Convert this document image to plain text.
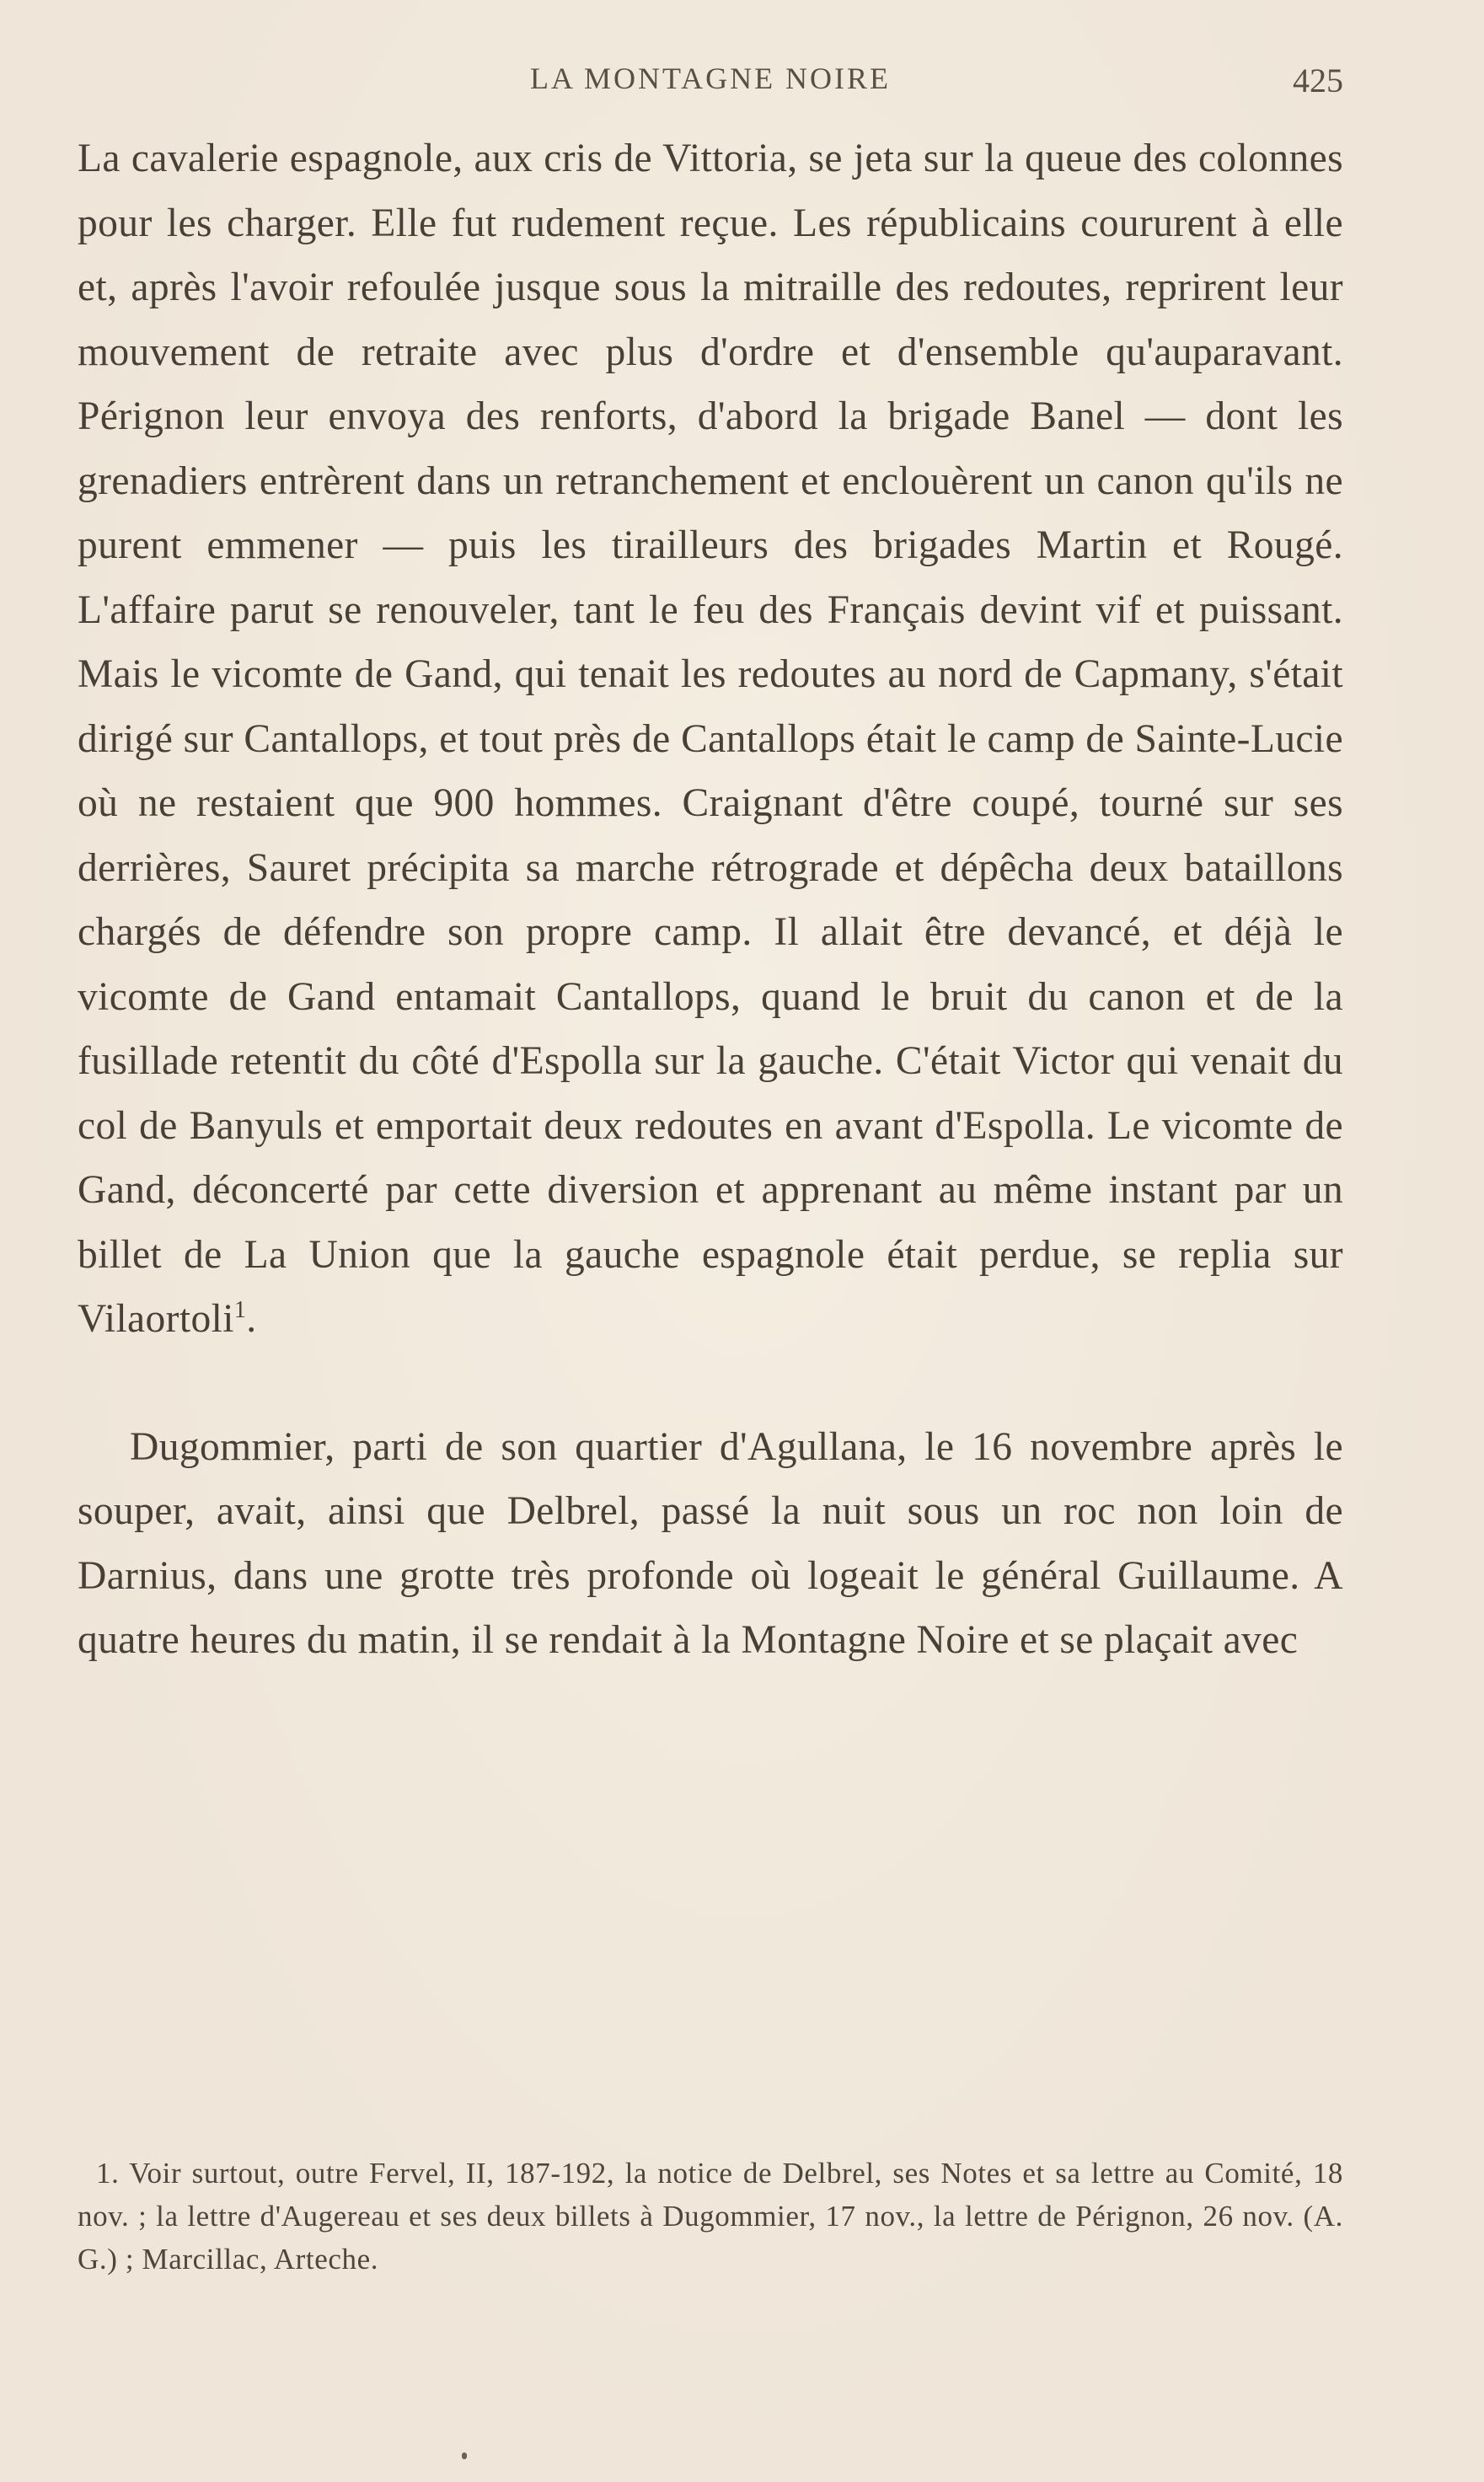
LA MONTAGNE NOIRE	425

La cavalerie espagnole, aux cris de Vittoria, se jeta sur la queue des colonnes pour les charger. Elle fut rudement reçue. Les républicains coururent à elle et, après l'avoir refoulée jusque sous la mitraille des redoutes, reprirent leur mouvement de retraite avec plus d'ordre et d'ensemble qu'auparavant. Pérignon leur envoya des renforts, d'abord la brigade Banel — dont les grenadiers entrèrent dans un retranchement et enclouèrent un canon qu'ils ne purent emmener — puis les tirailleurs des brigades Martin et Rougé. L'affaire parut se renouveler, tant le feu des Français devint vif et puissant. Mais le vicomte de Gand, qui tenait les redoutes au nord de Capmany, s'était dirigé sur Cantallops, et tout près de Cantallops était le camp de Sainte-Lucie où ne restaient que 900 hommes. Craignant d'être coupé, tourné sur ses derrières, Sauret précipita sa marche rétrograde et dépêcha deux bataillons chargés de défendre son propre camp. Il allait être devancé, et déjà le vicomte de Gand entamait Cantallops, quand le bruit du canon et de la fusillade retentit du côté d'Espolla sur la gauche. C'était Victor qui venait du col de Banyuls et emportait deux redoutes en avant d'Espolla. Le vicomte de Gand, déconcerté par cette diversion et apprenant au même instant par un billet de La Union que la gauche espagnole était perdue, se replia sur Vilaortoli$^1$.

Dugommier, parti de son quartier d'Agullana, le 16 novembre après le souper, avait, ainsi que Delbrel, passé la nuit sous un roc non loin de Darnius, dans une grotte très profonde où logeait le général Guillaume. A quatre heures du matin, il se rendait à la Montagne Noire et se plaçait avec

1. Voir surtout, outre Fervel, II, 187-192, la notice de Delbrel, ses Notes et sa lettre au Comité, 18 nov. ; la lettre d'Augereau et ses deux billets à Dugommier, 17 nov., la lettre de Pérignon, 26 nov. (A. G.) ; Marcillac, Arteche.
